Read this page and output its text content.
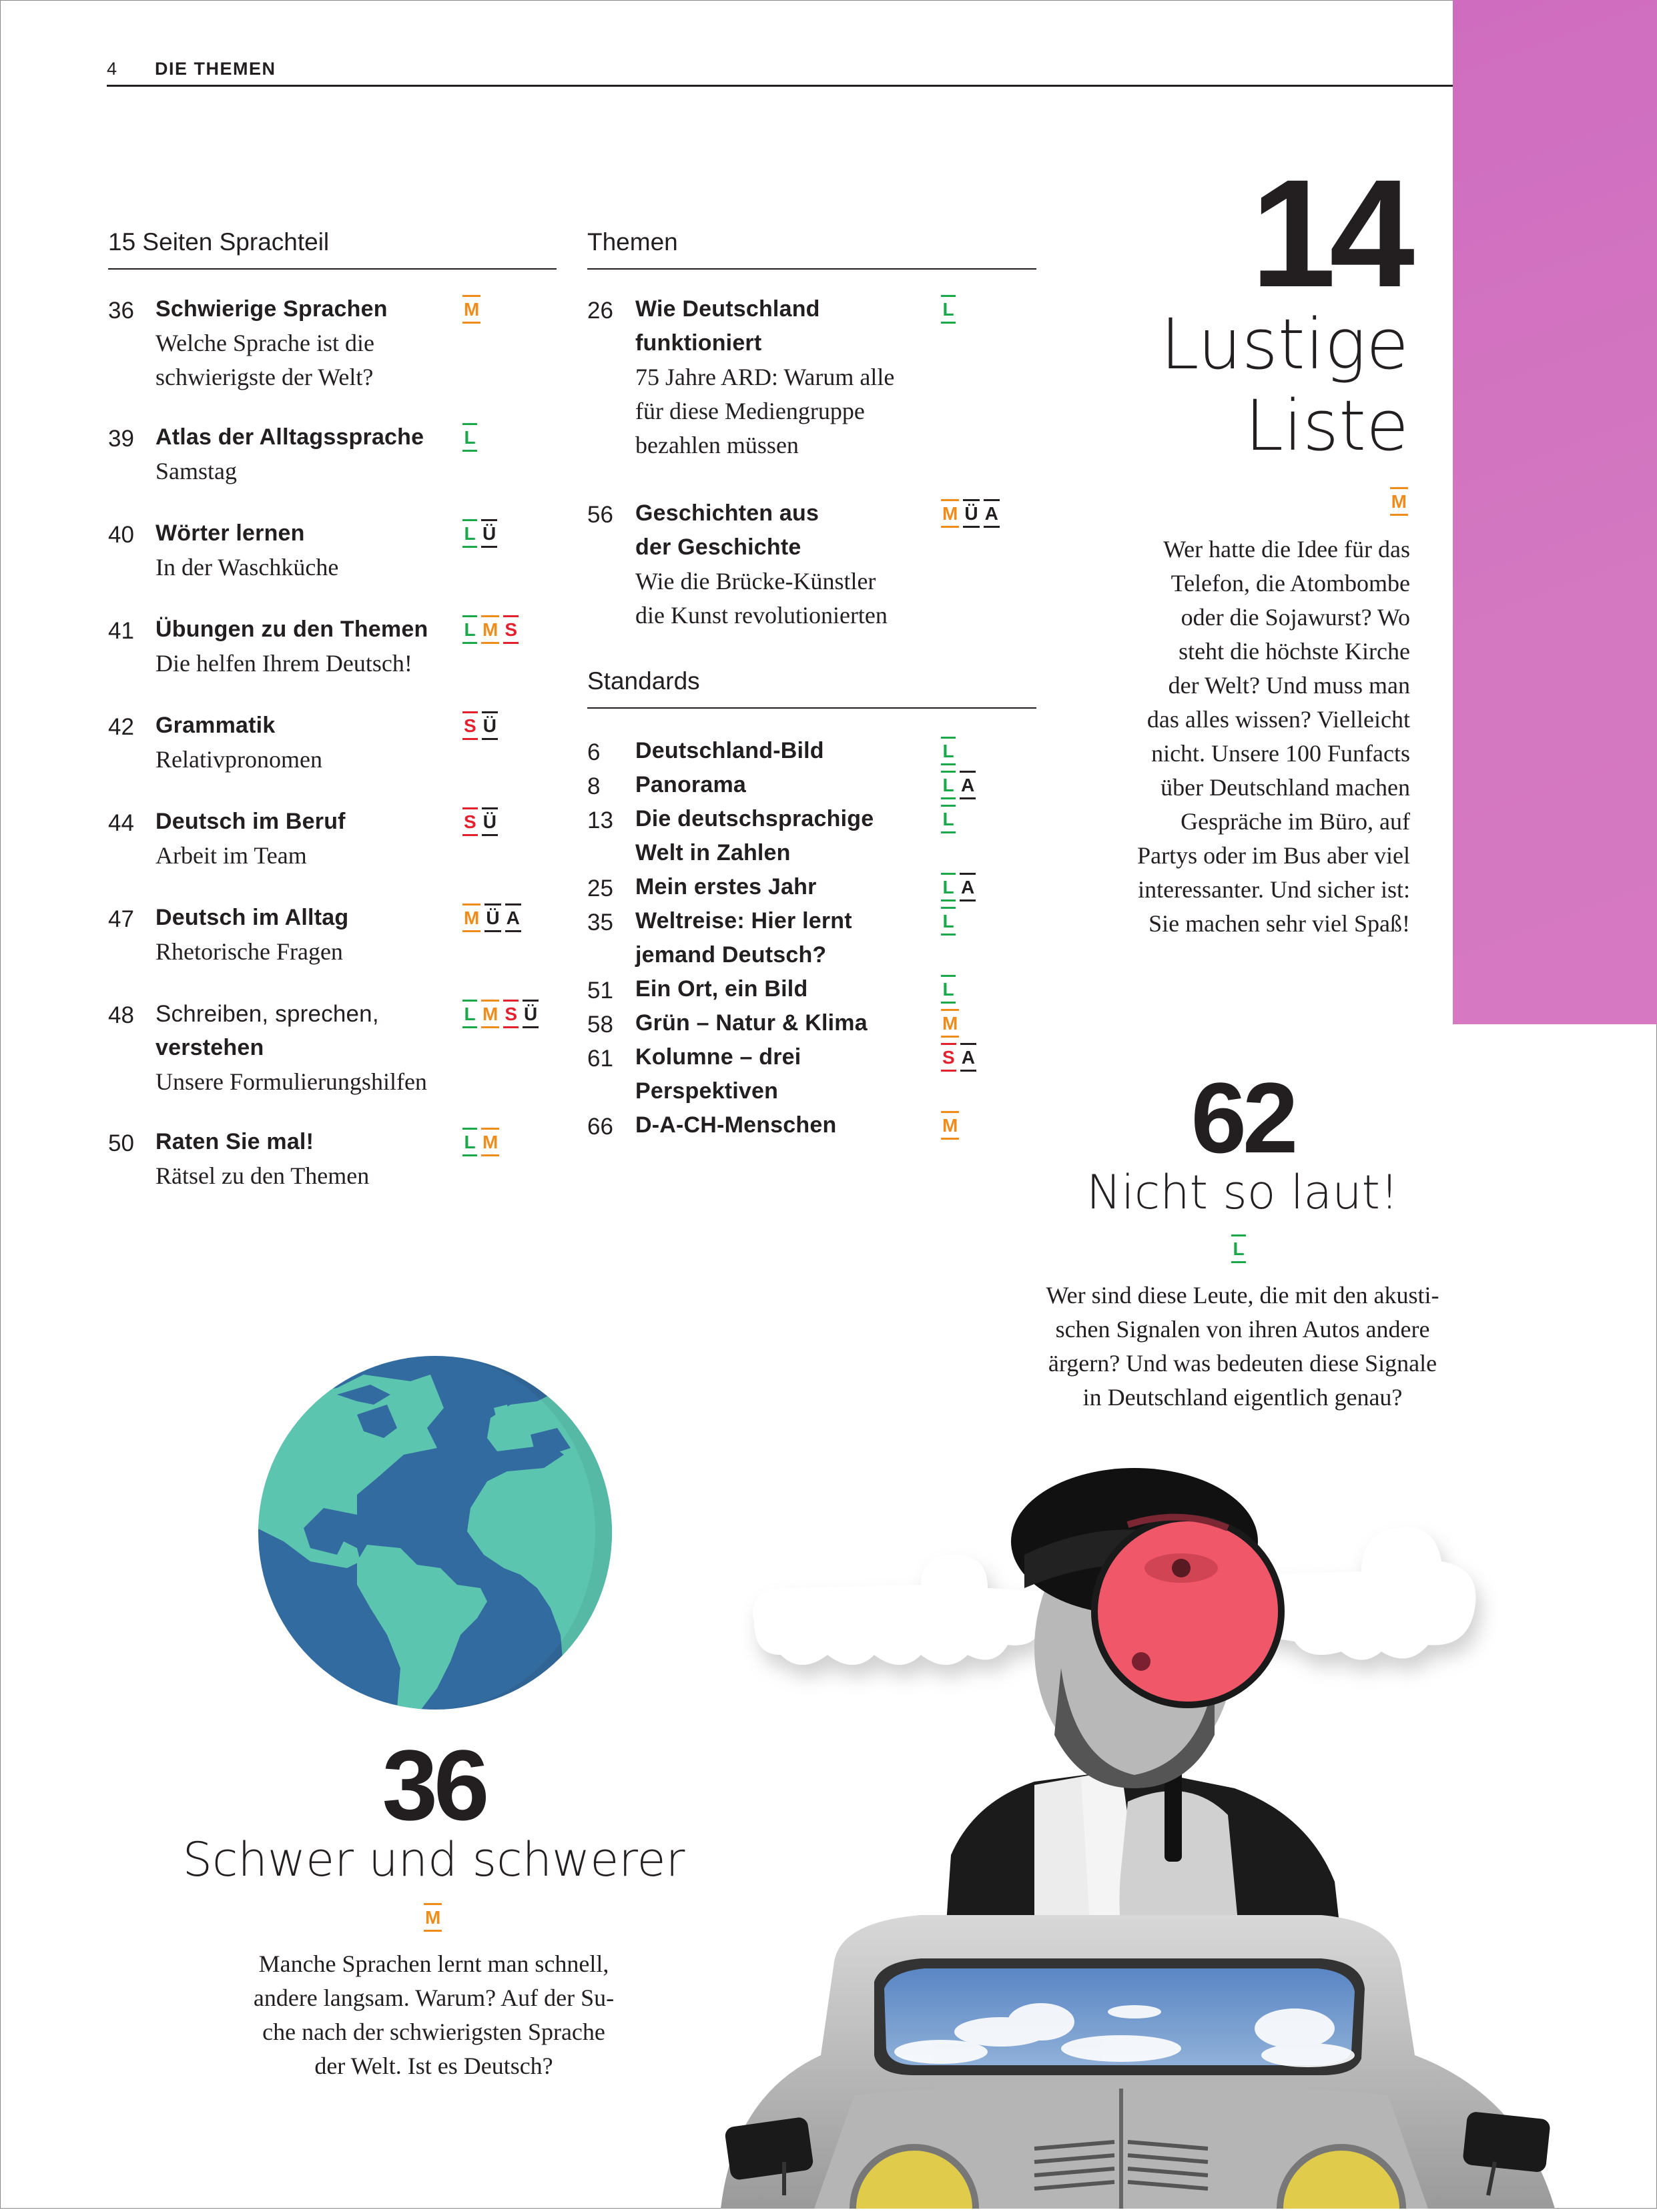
4 DIE THEMEN
15 Seiten Sprachteil
36 Schwierige Sprachen
Welche Sprache ist die
schwierigste der Welt?
M
39 Atlas der Alltagssprache
Samstag
L
40 Wörter lernen
In der Waschküche
L Ü
41 Übungen zu den Themen
Die helfen Ihrem Deutsch!
L M S
42 Grammatik
Relativpronomen
S Ü
44 Deutsch im Beruf
Arbeit im Team
S Ü
47 Deutsch im Alltag
Rhetorische Fragen
M Ü A
48 Schreiben, sprechen,
verstehen
Unsere Formulierungshilfen
L M S Ü
50 Raten Sie mal!
Rätsel zu den Themen
L M
Themen
26 Wie Deutschland
funktioniert
75 Jahre ARD: Warum alle
für diese Mediengruppe
bezahlen müssen
L
56 Geschichten aus
der Geschichte
Wie die Brücke-Künstler
die Kunst revolutionierten
M Ü A
Standards
6 Deutschland-Bild	L
8 Panorama	L A
13 Die deutschsprachige
Welt in Zahlen
L
25 Mein erstes Jahr	L A
35 Weltreise: Hier lernt
jemand Deutsch?
L
51 Ein Ort, ein Bild	L
58 Grün – Natur & Klima	M
61 Kolumne – drei
Perspektiven
S A
66 D-A-CH-Menschen	M
14
Lustige
Liste
M
Wer hatte die Idee für das
Telefon, die Atombombe
oder die Sojawurst? Wo
steht die höchste Kirche
der Welt? Und muss man
das alles wissen? Vielleicht
nicht. Unsere 100 Funfacts
über Deutschland machen
Gespräche im Büro, auf
Partys oder im Bus aber viel
interessanter. Und sicher ist:
Sie machen sehr viel Spaß!
62
Nicht so laut!
L
Wer sind diese Leute, die mit den akusti-
schen Signalen von ihren Autos andere
ärgern? Und was bedeuten diese Signale
in Deutschland eigentlich genau?
36
Schwer und schwerer
M
Manche Sprachen lernt man schnell,
andere langsam. Warum? Auf der Su-
che nach der schwierigsten Sprache
der Welt. Ist es Deutsch?
